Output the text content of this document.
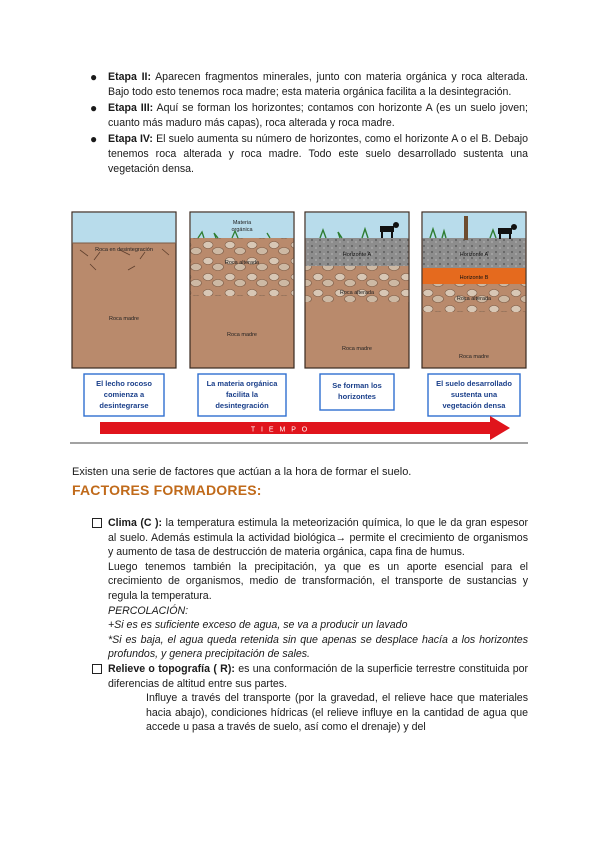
● Etapa II: Aparecen fragmentos minerales, junto con materia orgánica y roca alterada. Bajo todo esto tenemos roca madre; esta materia orgánica facilita a la desintegración.
● Etapa III: Aquí se forman los horizontes; contamos con horizonte A (es un suelo joven; cuanto más maduro más capas), roca alterada y roca madre.
● Etapa IV: El suelo aumenta su número de horizontes, como el horizonte A o el B. Debajo tenemos roca alterada y roca madre. Todo este suelo desarrollado sustenta una vegetación densa.
Roca en desintegración
Roca madre
Materia
orgánica
Roca alterada
Roca madre
Horizonte A
Roca alterada
Roca madre
Horizonte A
Horizonte B
Roca alterada
Roca madre
El lecho rocoso
comienza a
desintegrarse
La materia orgánica
facilita la
desintegración
Se forman los
horizontes
El suelo desarrollado
sustenta una
vegetación densa
T I E M P O
Existen una serie de factores que actúan a la hora de formar el suelo.
FACTORES FORMADORES:

Clima (C ): la temperatura estimula la meteorización química, lo que le da gran espesor al suelo. Además estimula la actividad biológica→ permite el crecimiento de organismos y aumento de tasa de destrucción de materia orgánica, capa fina de humus.

Luego tenemos también la precipitación, ya que es un aporte esencial para el crecimiento de organismos, medio de transformación, el transporte de sustancias y regula la temperatura.

PERCOLACIÓN:

+Si es es suficiente exceso de agua, se va a producir un lavado

*Si es baja, el agua queda retenida sin que apenas se desplace hacía a los horizontes profundos, y genera precipitación de sales.

Relieve o topografía ( R): es una conformación de la superficie terrestre constituida por diferencias de altitud entre sus partes.

Influye a través del transporte (por la gravedad, el relieve hace que materiales hacia abajo), condiciones hídricas (el relieve influye en la cantidad de agua que accede u pasa a través de suelo, así como el drenaje) y del
